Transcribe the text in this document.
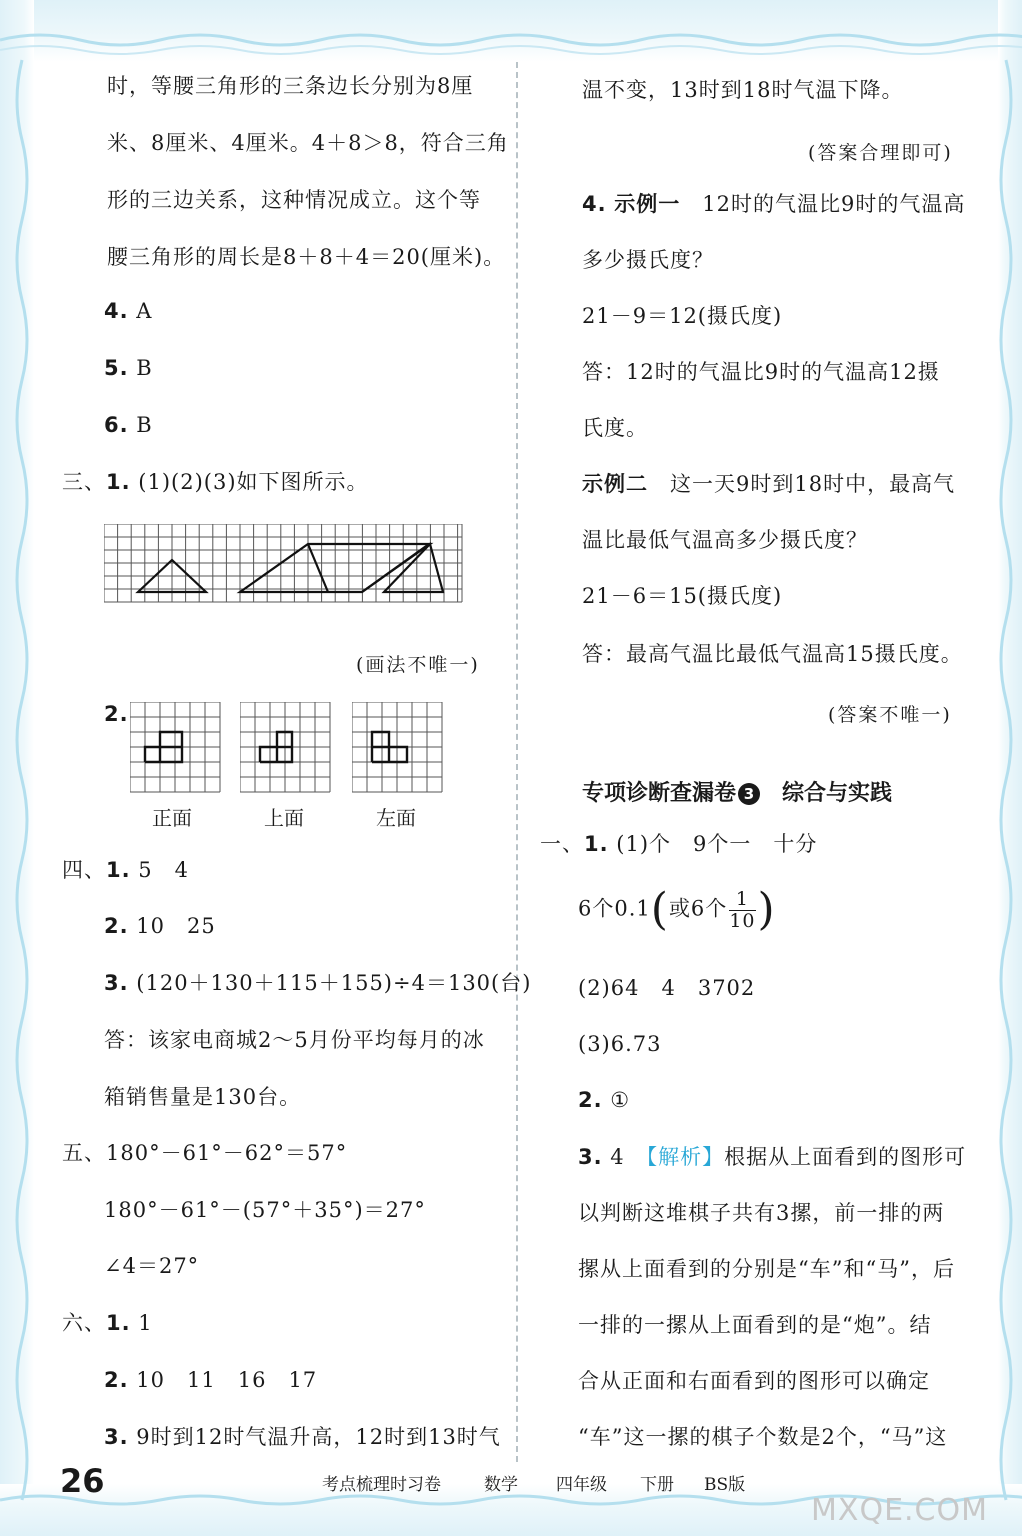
时，等腰三角形的三条边长分别为8厘
米、8厘米、4厘米。4＋8＞8，符合三角
形的三边关系，这种情况成立。这个等
腰三角形的周长是8＋8＋4＝20(厘米)。
4. A
5. B
6. B
三、1. (1)(2)(3)如下图所示。
(画法不唯一)
2.
正面	上面	左面
四、1. 5　4
2. 10　25
3. (120＋130＋115＋155)÷4＝130(台)
答：该家电商城2～5月份平均每月的冰
箱销售量是130台。
五、180°－61°－62°＝57°
180°－61°－(57°＋35°)＝27°
∠4＝27°
六、1. 1
2. 10　11　16　17
3. 9时到12时气温升高，12时到13时气
温不变，13时到18时气温下降。
(答案合理即可)
4. 示例一　 12时的气温比9时的气温高
多少摄氏度？
21－9＝12(摄氏度)
答：12时的气温比9时的气温高12摄
氏度。
示例二　 这一天9时到18时中，最高气
温比最低气温高多少摄氏度？
21－6＝15(摄氏度)
答：最高气温比最低气温高15摄氏度。
(答案不唯一)
专项诊断查漏卷 3　 综合与实践
一、1. (1)个　9个一　十分
6个0.1(或6个 $\frac{1}{10}$ )
(2)64　4　3702
(3)6.73
2. ①
3. 4　 【解析】根据从上面看到的图形可
以判断这堆棋子共有3摞，前一排的两
摞从上面看到的分别是“车”和“马”，后
一排的一摞从上面看到的是“炮”。结
合从正面和右面看到的图形可以确定
“车”这一摞的棋子个数是2个，“马”这
26	考点梳理时习卷	数学 四年级 下册 BS版
MXQE.COM
